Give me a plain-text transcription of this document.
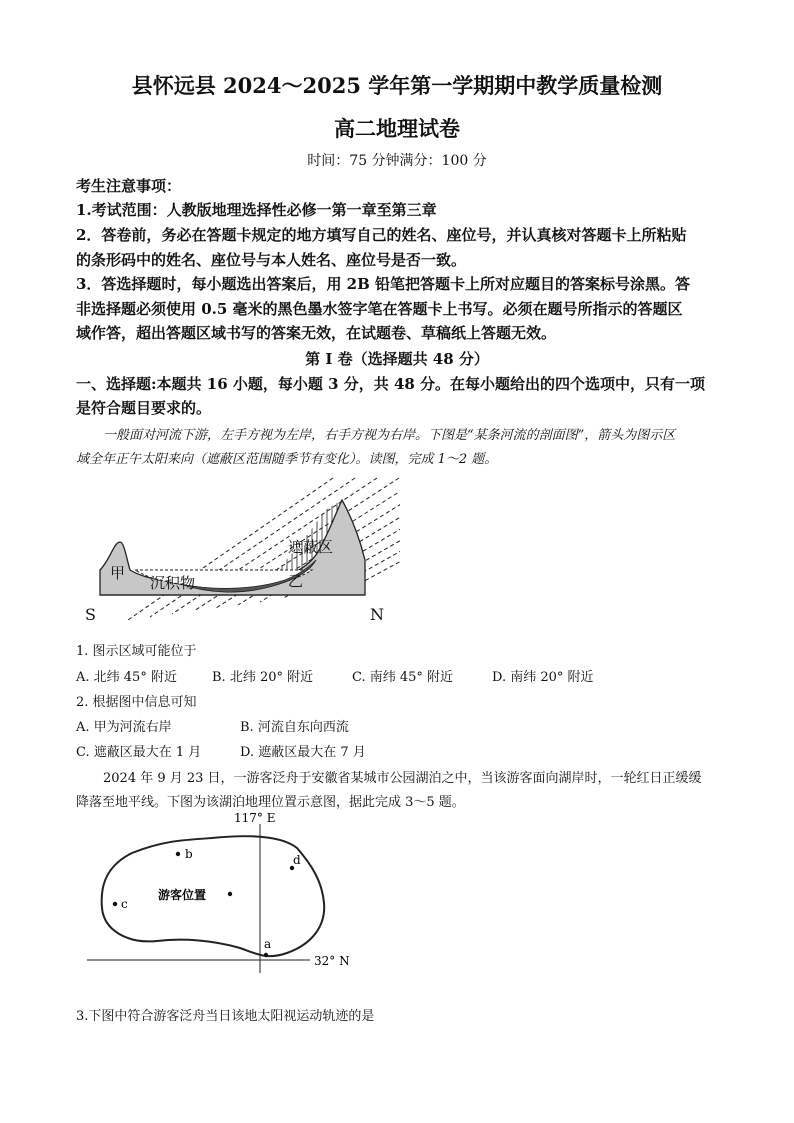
县怀远县 2024～2025 学年第一学期期中教学质量检测
高二地理试卷
时间：75 分钟满分：100 分
考生注意事项：
1.考试范围：人教版地理选择性必修一第一章至第三章
2．答卷前，务必在答题卡规定的地方填写自己的姓名、座位号，并认真核对答题卡上所粘贴
的条形码中的姓名、座位号与本人姓名、座位号是否一致。
3．答选择题时，每小题选出答案后，用 2B 铅笔把答题卡上所对应题目的答案标号涂黑。答
非选择题必须使用 0.5 毫米的黑色墨水签字笔在答题卡上书写。必须在题号所指示的答题区
域作答，超出答题区域书写的答案无效，在试题卷、草稿纸上答题无效。
第 I 卷（选择题共 48 分）
一、选择题:本题共 16 小题，每小题 3 分，共 48 分。在每小题给出的四个选项中，只有一项
是符合题目要求的。
一般面对河流下游，左手方视为左岸，右手方视为右岸。下图是“某条河流的剖面图”，箭头为图示区
域全年正午太阳来向（遮蔽区范围随季节有变化）。读图，完成 1～2 题。
甲
沉积物
遮蔽区
乙
S	N
1. 图示区域可能位于
A. 北纬 45° 附近	B. 北纬 20° 附近	C. 南纬 45° 附近	D. 南纬 20° 附近
2. 根据图中信息可知
A. 甲为河流右岸	B. 河流自东向西流
C. 遮蔽区最大在 1 月	D. 遮蔽区最大在 7 月
2024 年 9 月 23 日，一游客泛舟于安徽省某城市公园湖泊之中，当该游客面向湖岸时，一轮红日正缓缓
降落至地平线。下图为该湖泊地理位置示意图，据此完成 3～5 题。
117° E
32° N
b	d
c
游客位置
a
3.下图中符合游客泛舟当日该地太阳视运动轨迹的是
